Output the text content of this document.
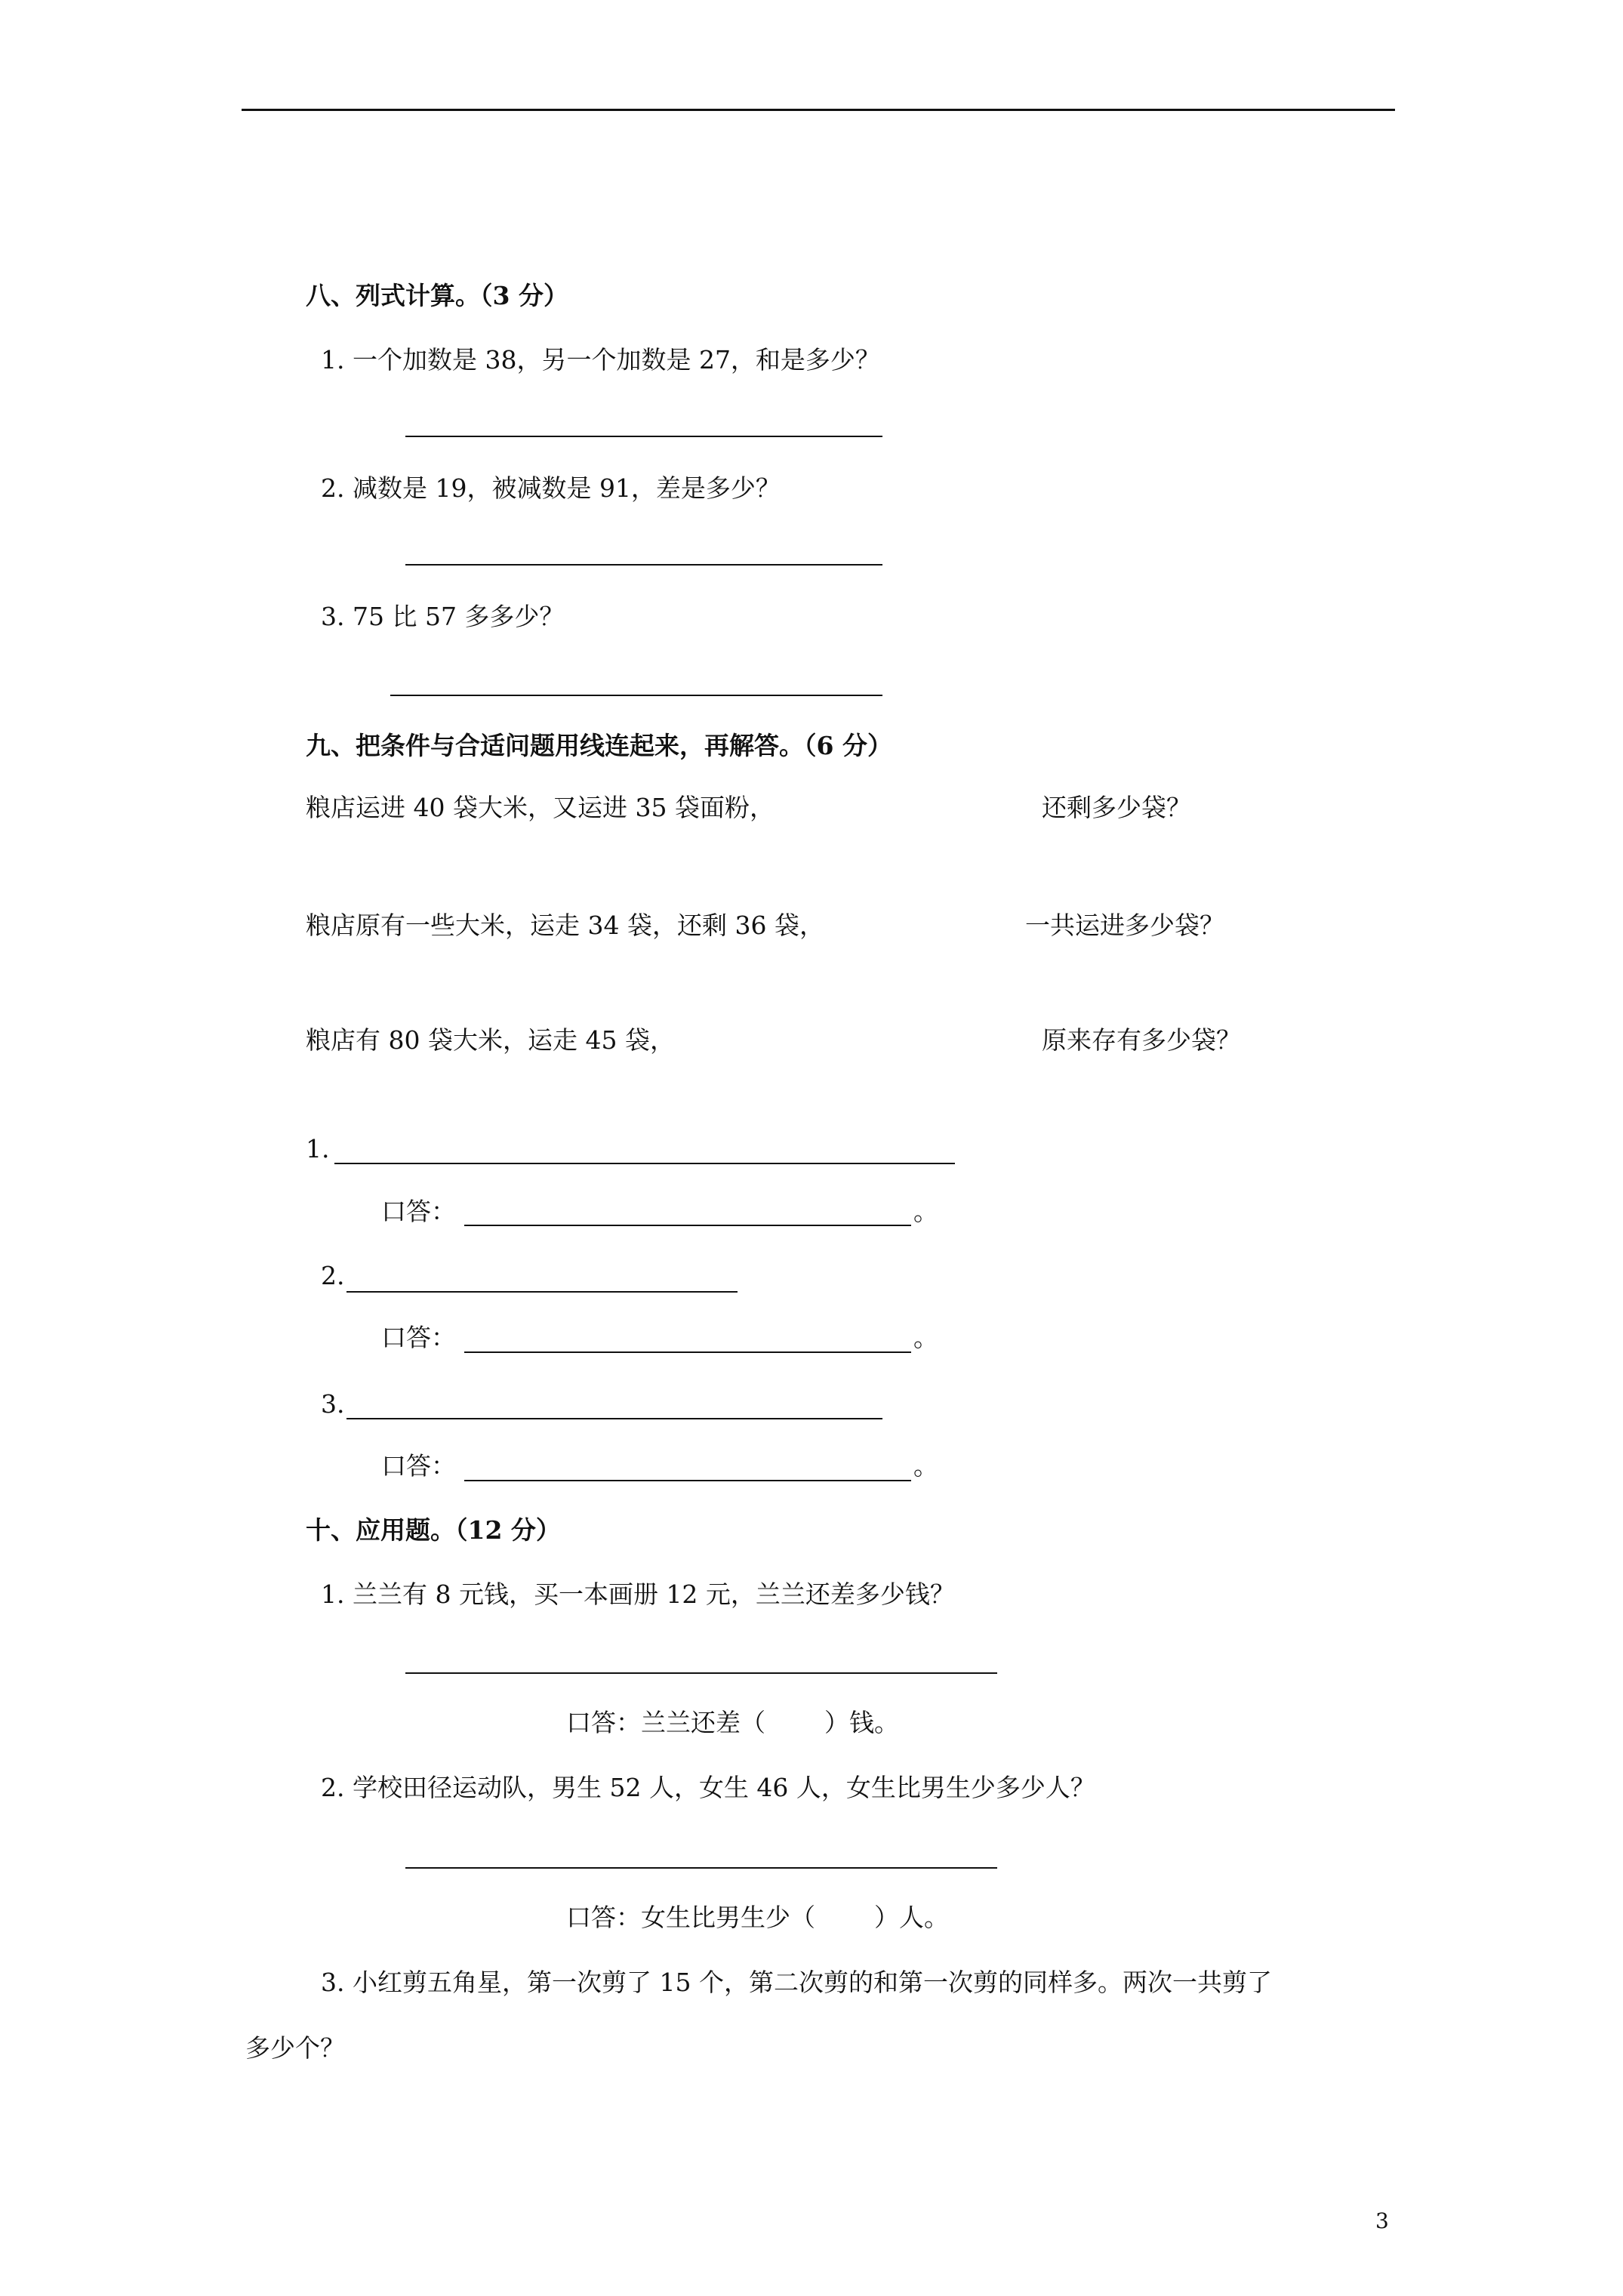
八、列式计算。（3 分）
1. 一个加数是 38，另一个加数是 27，和是多少？
2. 减数是 19，被减数是 91，差是多少？
3. 75 比 57 多多少？
九、把条件与合适问题用线连起来，再解答。（6 分）
粮店运进 40 袋大米，又运进 35 袋面粉，	还剩多少袋？
粮店原有一些大米，运走 34 袋，还剩 36 袋，	一共运进多少袋？
粮店有 80 袋大米，运走 45 袋，	原来存有多少袋？
1.
口答：	。
2.
口答：	。
3.
口答：	。
十、应用题。（12 分）
1. 兰兰有 8 元钱，买一本画册 12 元，兰兰还差多少钱？
口答：兰兰还差（ ）钱。
2. 学校田径运动队，男生 52 人，女生 46 人，女生比男生少多少人？
口答：女生比男生少（ ）人。
3. 小红剪五角星，第一次剪了 15 个，第二次剪的和第一次剪的同样多。两次一共剪了
多少个？
3
